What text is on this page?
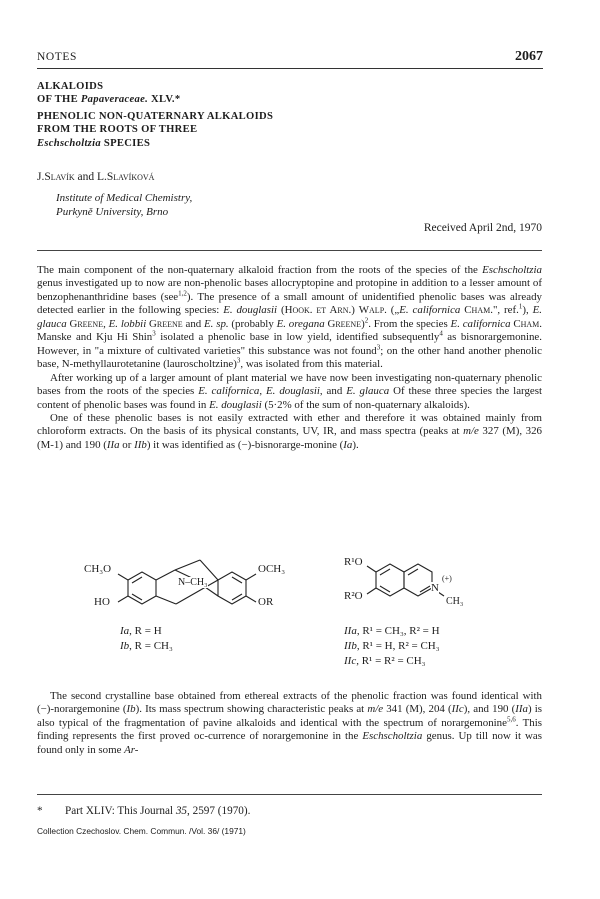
NOTES	2067
ALKALOIDS
OF THE Papaveraceae. XLV.*
PHENOLIC NON-QUATERNARY ALKALOIDS
FROM THE ROOTS OF THREE
Eschscholtzia SPECIES
J.Slavík and L.Slavíková
Institute of Medical Chemistry,
Purkyně University, Brno
Received April 2nd, 1970

The main component of the non-quaternary alkaloid fraction from the roots of the species of the Eschscholtzia genus investigated up to now are non-phenolic bases allocryptopine and protopine in addition to a lesser amount of benzophenanthridine bases (see$^{1,2}$). The presence of a small amount of unidentified phenolic bases was already detected earlier in the following species: E. douglasii (Hook. et Arn.) Walp. („E. californica Cham.", ref.$^1$), E. glauca Greene, E. lobbii Greene and E. sp. (probably E. oregana Greene)$^2$. From the species E. californica Cham. Manske and Kju Hi Shin$^3$ isolated a phenolic base in low yield, identified subsequently$^4$ as bisnorargemonine. However, in "a mixture of cultivated varieties" this substance was not found$^3$; on the other hand another phenolic base, N-methyllaurotetanine (lauroscholtzine)$^3$, was isolated from this material.

After working up of a larger amount of plant material we have now been investigating non-quaternary phenolic bases from the roots of the species E. californica, E. douglasii, and E. glauca Of these three species the largest content of phenolic bases was found in E. douglasii (5·2% of the sum of non-quaternary alkaloids).

One of these phenolic bases is not easily extracted with ether and therefore it was obtained mainly from chloroform extracts. On the basis of its physical constants, UV, IR, and mass spectra (peaks at m/e 327 (M), 326 (M-1) and 190 (IIa or IIb) it was identified as (−)-bisnorarge-monine (Ia).

CH₃O	OCH₃
N–CH₃
HO	OR
R¹O
R²O
N
(+)
CH₃
Ia, R = H
Ib, R = CH₃
IIa, R¹ = CH₃, R² = H
IIb, R¹ = H, R² = CH₃
IIc, R¹ = R² = CH₃

The second crystalline base obtained from ethereal extracts of the phenolic fraction was found identical with (−)-norargemonine (Ib). Its mass spectrum showing characteristic peaks at m/e 341 (M), 204 (IIc), and 190 (IIa) is also typical of the fragmentation of pavine alkaloids and identical with the spectrum of norargemonine$^{5,6}$. This finding represents the first proved oc-currence of norargemonine in the Eschscholtzia genus. Up till now it was found only in some Ar-

* Part XLIV: This Journal 35, 2597 (1970).
Collection Czechoslov. Chem. Commun. /Vol. 36/ (1971)
